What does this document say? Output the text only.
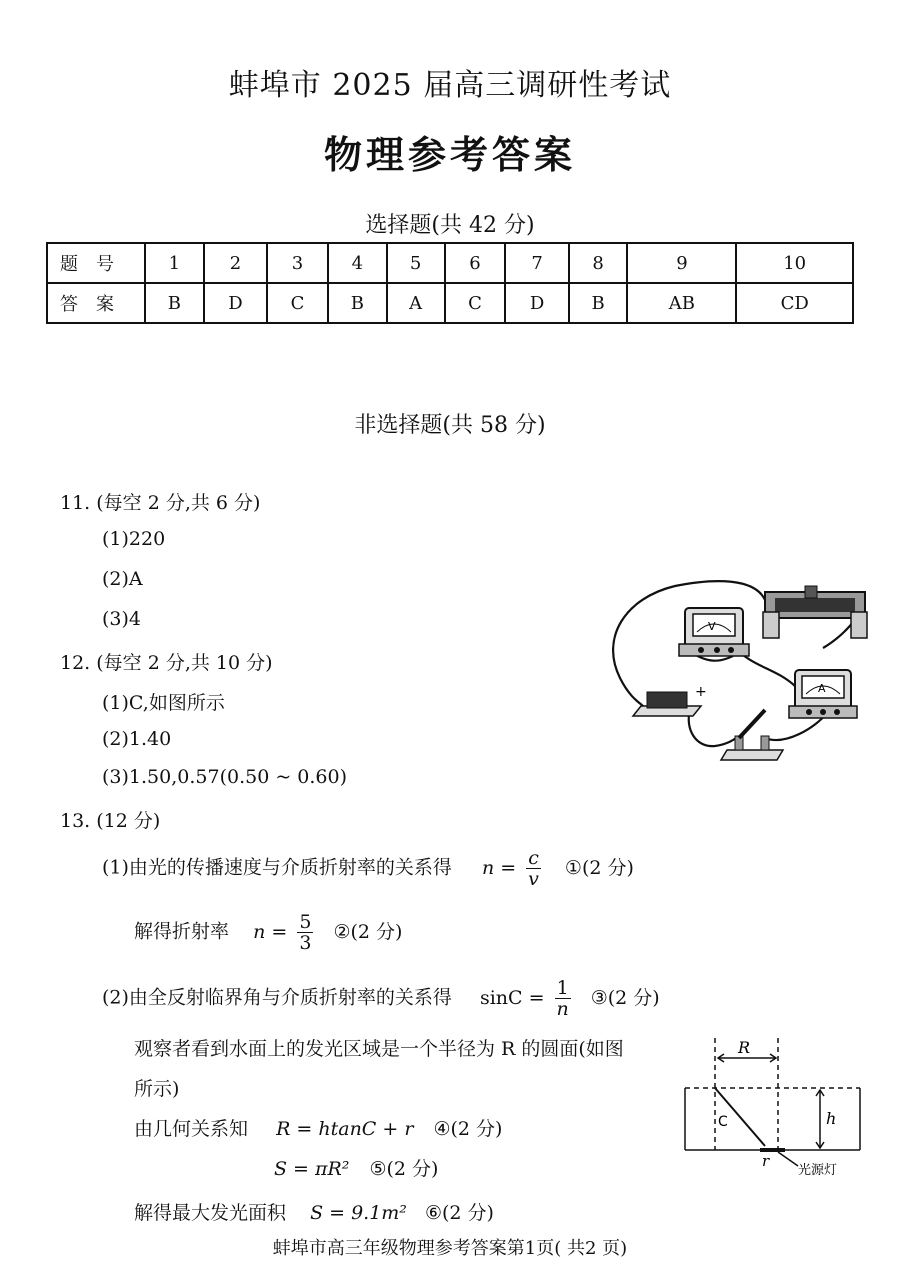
蚌埠市 2025 届高三调研性考试
物理参考答案
选择题(共 42 分)
题号	1	2	3	4	5	6	7	8	9	10
答案	B	D	C	B	A	C	D	B	AB	CD
非选择题(共 58 分)
11. (每空 2 分,共 6 分)
(1)220
(2)A
(3)4
12. (每空 2 分,共 10 分)
(1)C,如图所示
(2)1.40
(3)1.50,0.57(0.50 ~ 0.60)
V
A
+
13. (12 分)
(1)由光的传播速度与介质折射率的关系得 $n = \frac{c}{v}$ ①(2 分)
解得折射率 $n = \frac{5}{3}$ ②(2 分)
(2)由全反射临界角与介质折射率的关系得 $\sin C = \frac{1}{n}$ ③(2 分)
观察者看到水面上的发光区域是一个半径为 R 的圆面(如图
所示)
由几何关系知 R = htanC + r ④(2 分)
S = πR² ⑤(2 分)
解得最大发光面积 S = 9.1m² ⑥(2 分)
R
h
C
r
光源灯
蚌埠市高三年级物理参考答案第1页( 共2 页)
